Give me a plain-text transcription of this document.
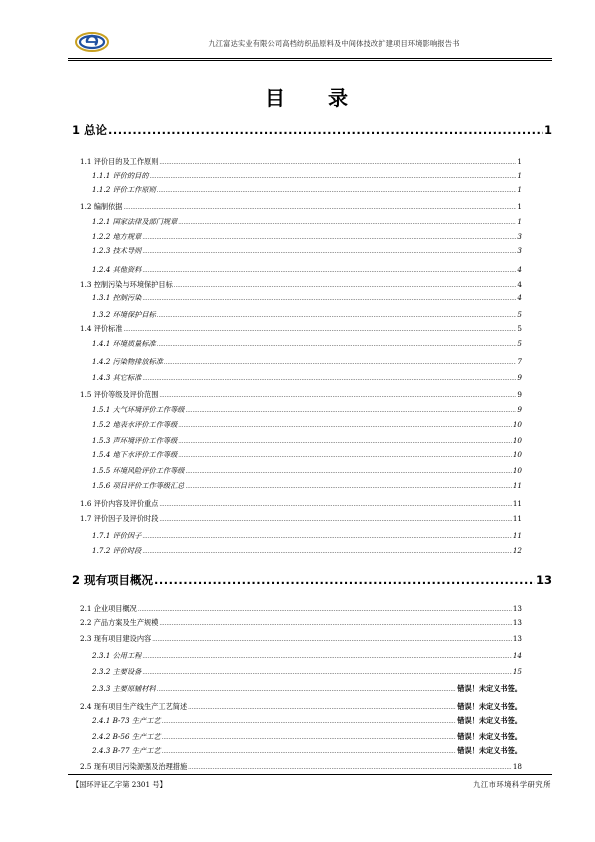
九江富达实业有限公司高档纺织品原料及中间体技改扩建项目环境影响报告书
目 录
1 总论 .....	1
1.1 评价目的及工作原则 .....	1
1.1.1 评价的目的 .....	1
1.1.2 评价工作原则 .....	1
1.2 编制依据 .....	1
1.2.1 国家法律及部门规章 .....	1
1.2.2 地方规章 .....	3
1.2.3 技术导则 .....	3
1.2.4 其他资料 .....	4
1.3 控制污染与环境保护目标 .....	4
1.3.1 控制污染 .....	4
1.3.2 环境保护目标 .....	5
1.4 评价标准 .....	5
1.4.1 环境质量标准 .....	5
1.4.2 污染物排放标准 .....	7
1.4.3 其它标准 .....	9
1.5 评价等级及评价范围 .....	9
1.5.1 大气环境评价工作等级 .....	9
1.5.2 地表水评价工作等级 .....	10
1.5.3 声环境评价工作等级 .....	10
1.5.4 地下水评价工作等级 .....	10
1.5.5 环境风险评价工作等级 .....	10
1.5.6 项目评价工作等级汇总 .....	11
1.6 评价内容及评价重点 .....	11
1.7 评价因子及评价时段 .....	11
1.7.1 评价因子 .....	11
1.7.2 评价时段 .....	12
2 现有项目概况 .....	13
2.1 企业项目概况 .....	13
2.2 产品方案及生产规模 .....	13
2.3 现有项目建设内容 .....	13
2.3.1 公用工程 .....	14
2.3.2 主要设备 .....	15
2.3.3 主要原辅材料 .....	错误！未定义书签。
2.4 现有项目生产线生产工艺简述 .....	错误！未定义书签。
2.4.1 B-73 生产工艺 .....	错误！未定义书签。
2.4.2 B-56 生产工艺 .....	错误！未定义书签。
2.4.3 B-77 生产工艺 .....	错误！未定义书签。
2.5 现有项目污染源强及治理措施 .....	18
【国环评证乙字第 2301 号】	九江市环境科学研究所
